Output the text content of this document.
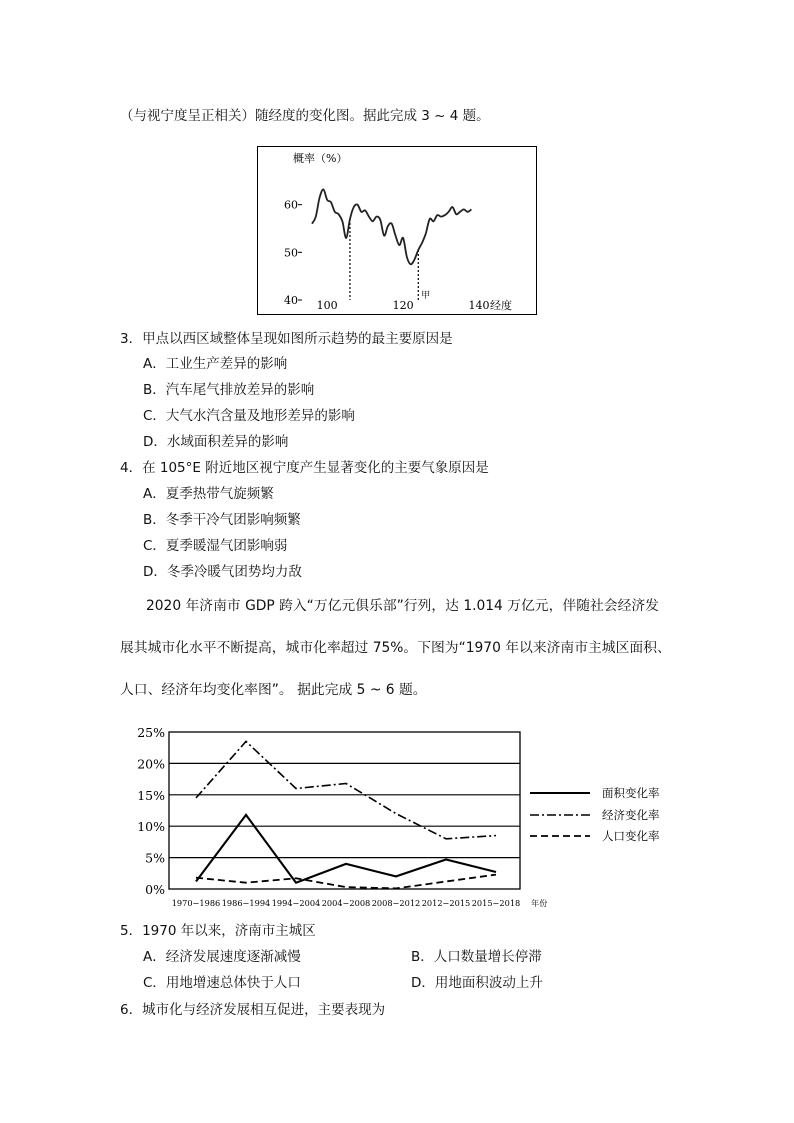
（与视宁度呈正相关）随经度的变化图。据此完成 3 ~ 4 题。
概率（%）
经度
40
50
60
100	120	140
甲
3．甲点以西区域整体呈现如图所示趋势的最主要原因是
A．工业生产差异的影响
B．汽车尾气排放差异的影响
C．大气水汽含量及地形差异的影响
D．水域面积差异的影响
4．在 105°E 附近地区视宁度产生显著变化的主要气象原因是
A．夏季热带气旋频繁
B．冬季干冷气团影响频繁
C．夏季暖湿气团影响弱
D．冬季冷暖气团势均力敌
2020 年济南市 GDP 跨入“万亿元俱乐部”行列，达 1.014 万亿元，伴随社会经济发
展其城市化水平不断提高，城市化率超过 75%。下图为“1970 年以来济南市主城区面积、
人口、经济年均变化率图”。 据此完成 5 ~ 6 题。
0%
5%
10%
15%
20%
25%
1970−1986 1986−1994 1994−2004 2004−2008 2008−2012 2012−2015 2015−2018 年份
面积变化率
经济变化率
人口变化率
5．1970 年以来，济南市主城区
A．经济发展速度逐渐减慢	B．人口数量增长停滞
C．用地增速总体快于人口	D．用地面积波动上升
6．城市化与经济发展相互促进，主要表现为
